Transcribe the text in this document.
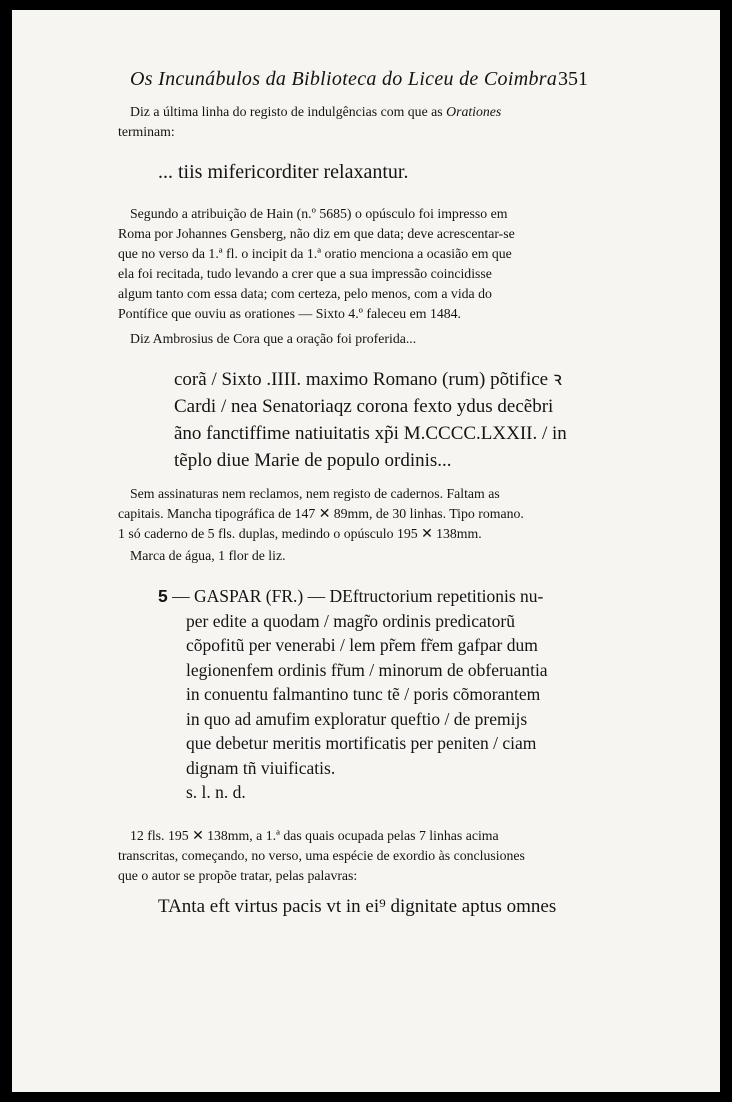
Os Incunábulos da Biblioteca do Liceu de Coimbra 351
Diz a última linha do registo de indulgências com que as Orationes
terminam:
... tiis mifericorditer relaxantur.
Segundo a atribuição de Hain (n.º 5685) o opúsculo foi impresso em
Roma por Johannes Gensberg, não diz em que data; deve acrescentar-se
que no verso da 1.ª fl. o incipit da 1.ª oratio menciona a ocasião em que
ela foi recitada, tudo levando a crer que a sua impressão coincidisse
algum tanto com essa data; com certeza, pelo menos, com a vida do
Pontífice que ouviu as orationes — Sixto 4.º faleceu em 1484.
Diz Ambrosius de Cora que a oração foi proferida...
corã / Sixto .IIII. maximo Romano (rum) põtifice ꝛ
Cardi / nea Senatoriaqz corona fexto ydus decẽbri
ãno fanctiffime natiuitatis xp̃i M.CCCC.LXXII. / in
tẽplo diue Marie de populo ordinis...
Sem assinaturas nem reclamos, nem registo de cadernos. Faltam as
capitais. Mancha tipográfica de 147 ✕ 89mm, de 30 linhas. Tipo romano.
1 só caderno de 5 fls. duplas, medindo o opúsculo 195 ✕ 138mm.
Marca de água, 1 flor de liz.
5 — GASPAR (FR.) — DEftructorium repetitionis nu-
per edite a quodam / magr̃o ordinis predicatorũ
cõpofitũ per venerabi / lem pr̃em fr̃em gafpar dum
legionenfem ordinis fr̃um / minorum de obferuantia
in conuentu falmantino tunc tẽ / poris cõmorantem
in quo ad amufim exploratur queftio / de premijs
que debetur meritis mortificatis per peniten / ciam
dignam tñ viuificatis.
s. l. n. d.
12 fls. 195 ✕ 138mm, a 1.ª das quais ocupada pelas 7 linhas acima
transcritas, começando, no verso, uma espécie de exordio às conclusiones
que o autor se propõe tratar, pelas palavras:
TAnta eft virtus pacis vt in ei⁹ dignitate aptus omnes
